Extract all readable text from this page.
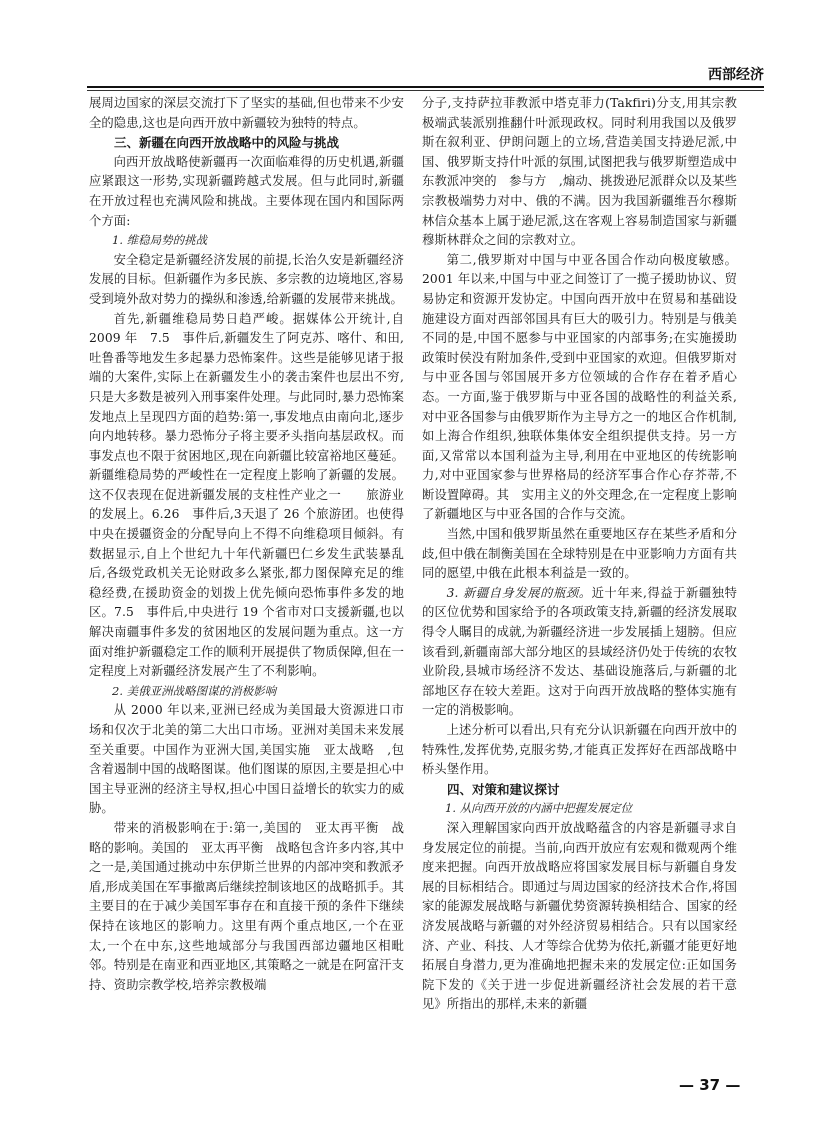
西部经济

展周边国家的深层交流打下了坚实的基础,但也带来不少安全的隐患,这也是向西开放中新疆较为独特的特点。

三、新疆在向西开放战略中的风险与挑战

向西开放战略使新疆再一次面临难得的历史机遇,新疆应紧跟这一形势,实现新疆跨越式发展。但与此同时,新疆在开放过程也充满风险和挑战。主要体现在国内和国际两个方面:

1. 维稳局势的挑战

安全稳定是新疆经济发展的前提,长治久安是新疆经济发展的目标。但新疆作为多民族、多宗教的边境地区,容易受到境外敌对势力的操纵和渗透,给新疆的发展带来挑战。

首先,新疆维稳局势日趋严峻。据媒体公开统计,自2009 年　7.5　事件后,新疆发生了阿克苏、喀什、和田,吐鲁番等地发生多起暴力恐怖案件。这些是能够见诸于报端的大案件,实际上在新疆发生小的袭击案件也层出不穷,只是大多数是被列入刑事案件处理。与此同时,暴力恐怖案发地点上呈现四方面的趋势:第一,事发地点由南向北,逐步向内地转移。暴力恐怖分子将主要矛头指向基层政权。而事发点也不限于贫困地区,现在向新疆比较富裕地区蔓延。新疆维稳局势的严峻性在一定程度上影响了新疆的发展。这不仅表现在促进新疆发展的支柱性产业之一　　旅游业的发展上。6.26　事件后,3天退了 26 个旅游团。也使得中央在援疆资金的分配导向上不得不向维稳项目倾斜。有数据显示,自上个世纪九十年代新疆巴仁乡发生武装暴乱后,各级党政机关无论财政多么紧张,都力图保障充足的维稳经费,在援助资金的划拨上优先倾向恐怖事件多发的地区。7.5　事件后,中央进行 19 个省市对口支援新疆,也以解决南疆事件多发的贫困地区的发展问题为重点。这一方面对维护新疆稳定工作的顺利开展提供了物质保障,但在一定程度上对新疆经济发展产生了不利影响。

2. 美俄亚洲战略图谋的消极影响

从 2000 年以来,亚洲已经成为美国最大资源进口市场和仅次于北美的第二大出口市场。亚洲对美国未来发展至关重要。中国作为亚洲大国,美国实施　亚太战略　,包含着遏制中国的战略图谋。他们图谋的原因,主要是担心中国主导亚洲的经济主导权,担心中国日益增长的软实力的威胁。

带来的消极影响在于:第一,美国的　亚太再平衡　战略的影响。美国的　亚太再平衡　战略包含许多内容,其中之一是,美国通过挑动中东伊斯兰世界的内部冲突和教派矛盾,形成美国在军事撤离后继续控制该地区的战略抓手。其主要目的在于减少美国军事存在和直接干预的条件下继续保持在该地区的影响力。这里有两个重点地区,一个在亚太,一个在中东,这些地域部分与我国西部边疆地区相毗邻。特别是在南亚和西亚地区,其策略之一就是在阿富汗支持、资助宗教学校,培养宗教极端

分子,支持萨拉菲教派中塔克菲力(Takfiri)分支,用其宗教极端武装派别推翻什叶派现政权。同时利用我国以及俄罗斯在叙利亚、伊朗问题上的立场,营造美国支持逊尼派,中国、俄罗斯支持什叶派的氛围,试图把我与俄罗斯塑造成中东教派冲突的　参与方　,煽动、挑拨逊尼派群众以及某些宗教极端势力对中、俄的不满。因为我国新疆维吾尔穆斯林信众基本上属于逊尼派,这在客观上容易制造国家与新疆穆斯林群众之间的宗教对立。

第二,俄罗斯对中国与中亚各国合作动向极度敏感。2001 年以来,中国与中亚之间签订了一揽子援助协议、贸易协定和资源开发协定。中国向西开放中在贸易和基础设施建设方面对西部邻国具有巨大的吸引力。特别是与俄美不同的是,中国不愿参与中亚国家的内部事务;在实施援助政策时侯没有附加条件,受到中亚国家的欢迎。但俄罗斯对与中亚各国与邻国展开多方位领域的合作存在着矛盾心态。一方面,鉴于俄罗斯与中亚各国的战略性的利益关系,对中亚各国参与由俄罗斯作为主导方之一的地区合作机制,如上海合作组织,独联体集体安全组织提供支持。另一方面,又常常以本国利益为主导,利用在中亚地区的传统影响力,对中亚国家参与世界格局的经济军事合作心存芥蒂,不断设置障碍。其　实用主义的外交理念,在一定程度上影响了新疆地区与中亚各国的合作与交流。

当然,中国和俄罗斯虽然在重要地区存在某些矛盾和分歧,但中俄在制衡美国在全球特别是在中亚影响力方面有共同的愿望,中俄在此根本利益是一致的。

3. 新疆自身发展的瓶颈。近十年来,得益于新疆独特的区位优势和国家给予的各项政策支持,新疆的经济发展取得令人瞩目的成就,为新疆经济进一步发展插上翅膀。但应该看到,新疆南部大部分地区的县域经济仍处于传统的农牧业阶段,县城市场经济不发达、基础设施落后,与新疆的北部地区存在较大差距。这对于向西开放战略的整体实施有一定的消极影响。

上述分析可以看出,只有充分认识新疆在向西开放中的特殊性,发挥优势,克服劣势,才能真正发挥好在西部战略中桥头堡作用。

四、对策和建议探讨

1. 从向西开放的内涵中把握发展定位

深入理解国家向西开放战略蕴含的内容是新疆寻求自身发展定位的前提。当前,向西开放应有宏观和微观两个维度来把握。向西开放战略应将国家发展目标与新疆自身发展的目标相结合。即通过与周边国家的经济技术合作,将国家的能源发展战略与新疆优势资源转换相结合、国家的经济发展战略与新疆的对外经济贸易相结合。只有以国家经济、产业、科技、人才等综合优势为依托,新疆才能更好地拓展自身潜力,更为准确地把握未来的发展定位:正如国务院下发的《关于进一步促进新疆经济社会发展的若干意见》所指出的那样,未来的新疆

— 37 —
